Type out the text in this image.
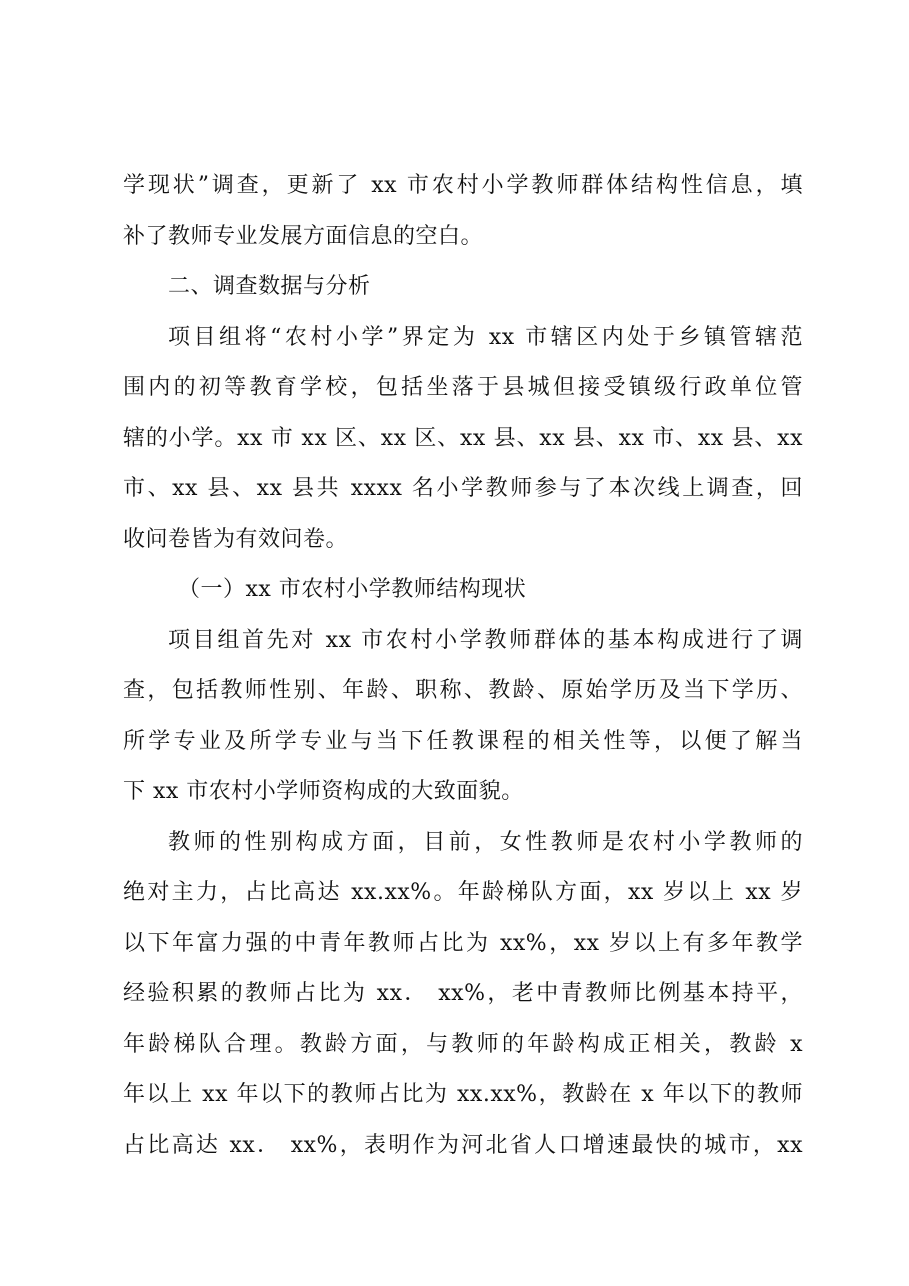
学现状”调查，更新了 xx 市农村小学教师群体结构性信息，填
补了教师专业发展方面信息的空白。
二、调查数据与分析
项目组将“农村小学”界定为 xx 市辖区内处于乡镇管辖范
围内的初等教育学校，包括坐落于县城但接受镇级行政单位管
辖的小学。xx 市 xx 区、xx 区、xx 县、xx 县、xx 市、xx 县、xx
市、xx 县、xx 县共 xxxx 名小学教师参与了本次线上调查，回
收问卷皆为有效问卷。
（一）xx 市农村小学教师结构现状
项目组首先对 xx 市农村小学教师群体的基本构成进行了调
查，包括教师性别、年龄、职称、教龄、原始学历及当下学历、
所学专业及所学专业与当下任教课程的相关性等，以便了解当
下 xx 市农村小学师资构成的大致面貌。
教师的性别构成方面，目前，女性教师是农村小学教师的
绝对主力，占比高达 xx.xx%。年龄梯队方面，xx 岁以上 xx 岁
以下年富力强的中青年教师占比为 xx%，xx 岁以上有多年教学
经验积累的教师占比为 xx． xx%，老中青教师比例基本持平，
年龄梯队合理。教龄方面，与教师的年龄构成正相关，教龄 x
年以上 xx 年以下的教师占比为 xx.xx%，教龄在 x 年以下的教师
占比高达 xx． xx%，表明作为河北省人口增速最快的城市，xx
